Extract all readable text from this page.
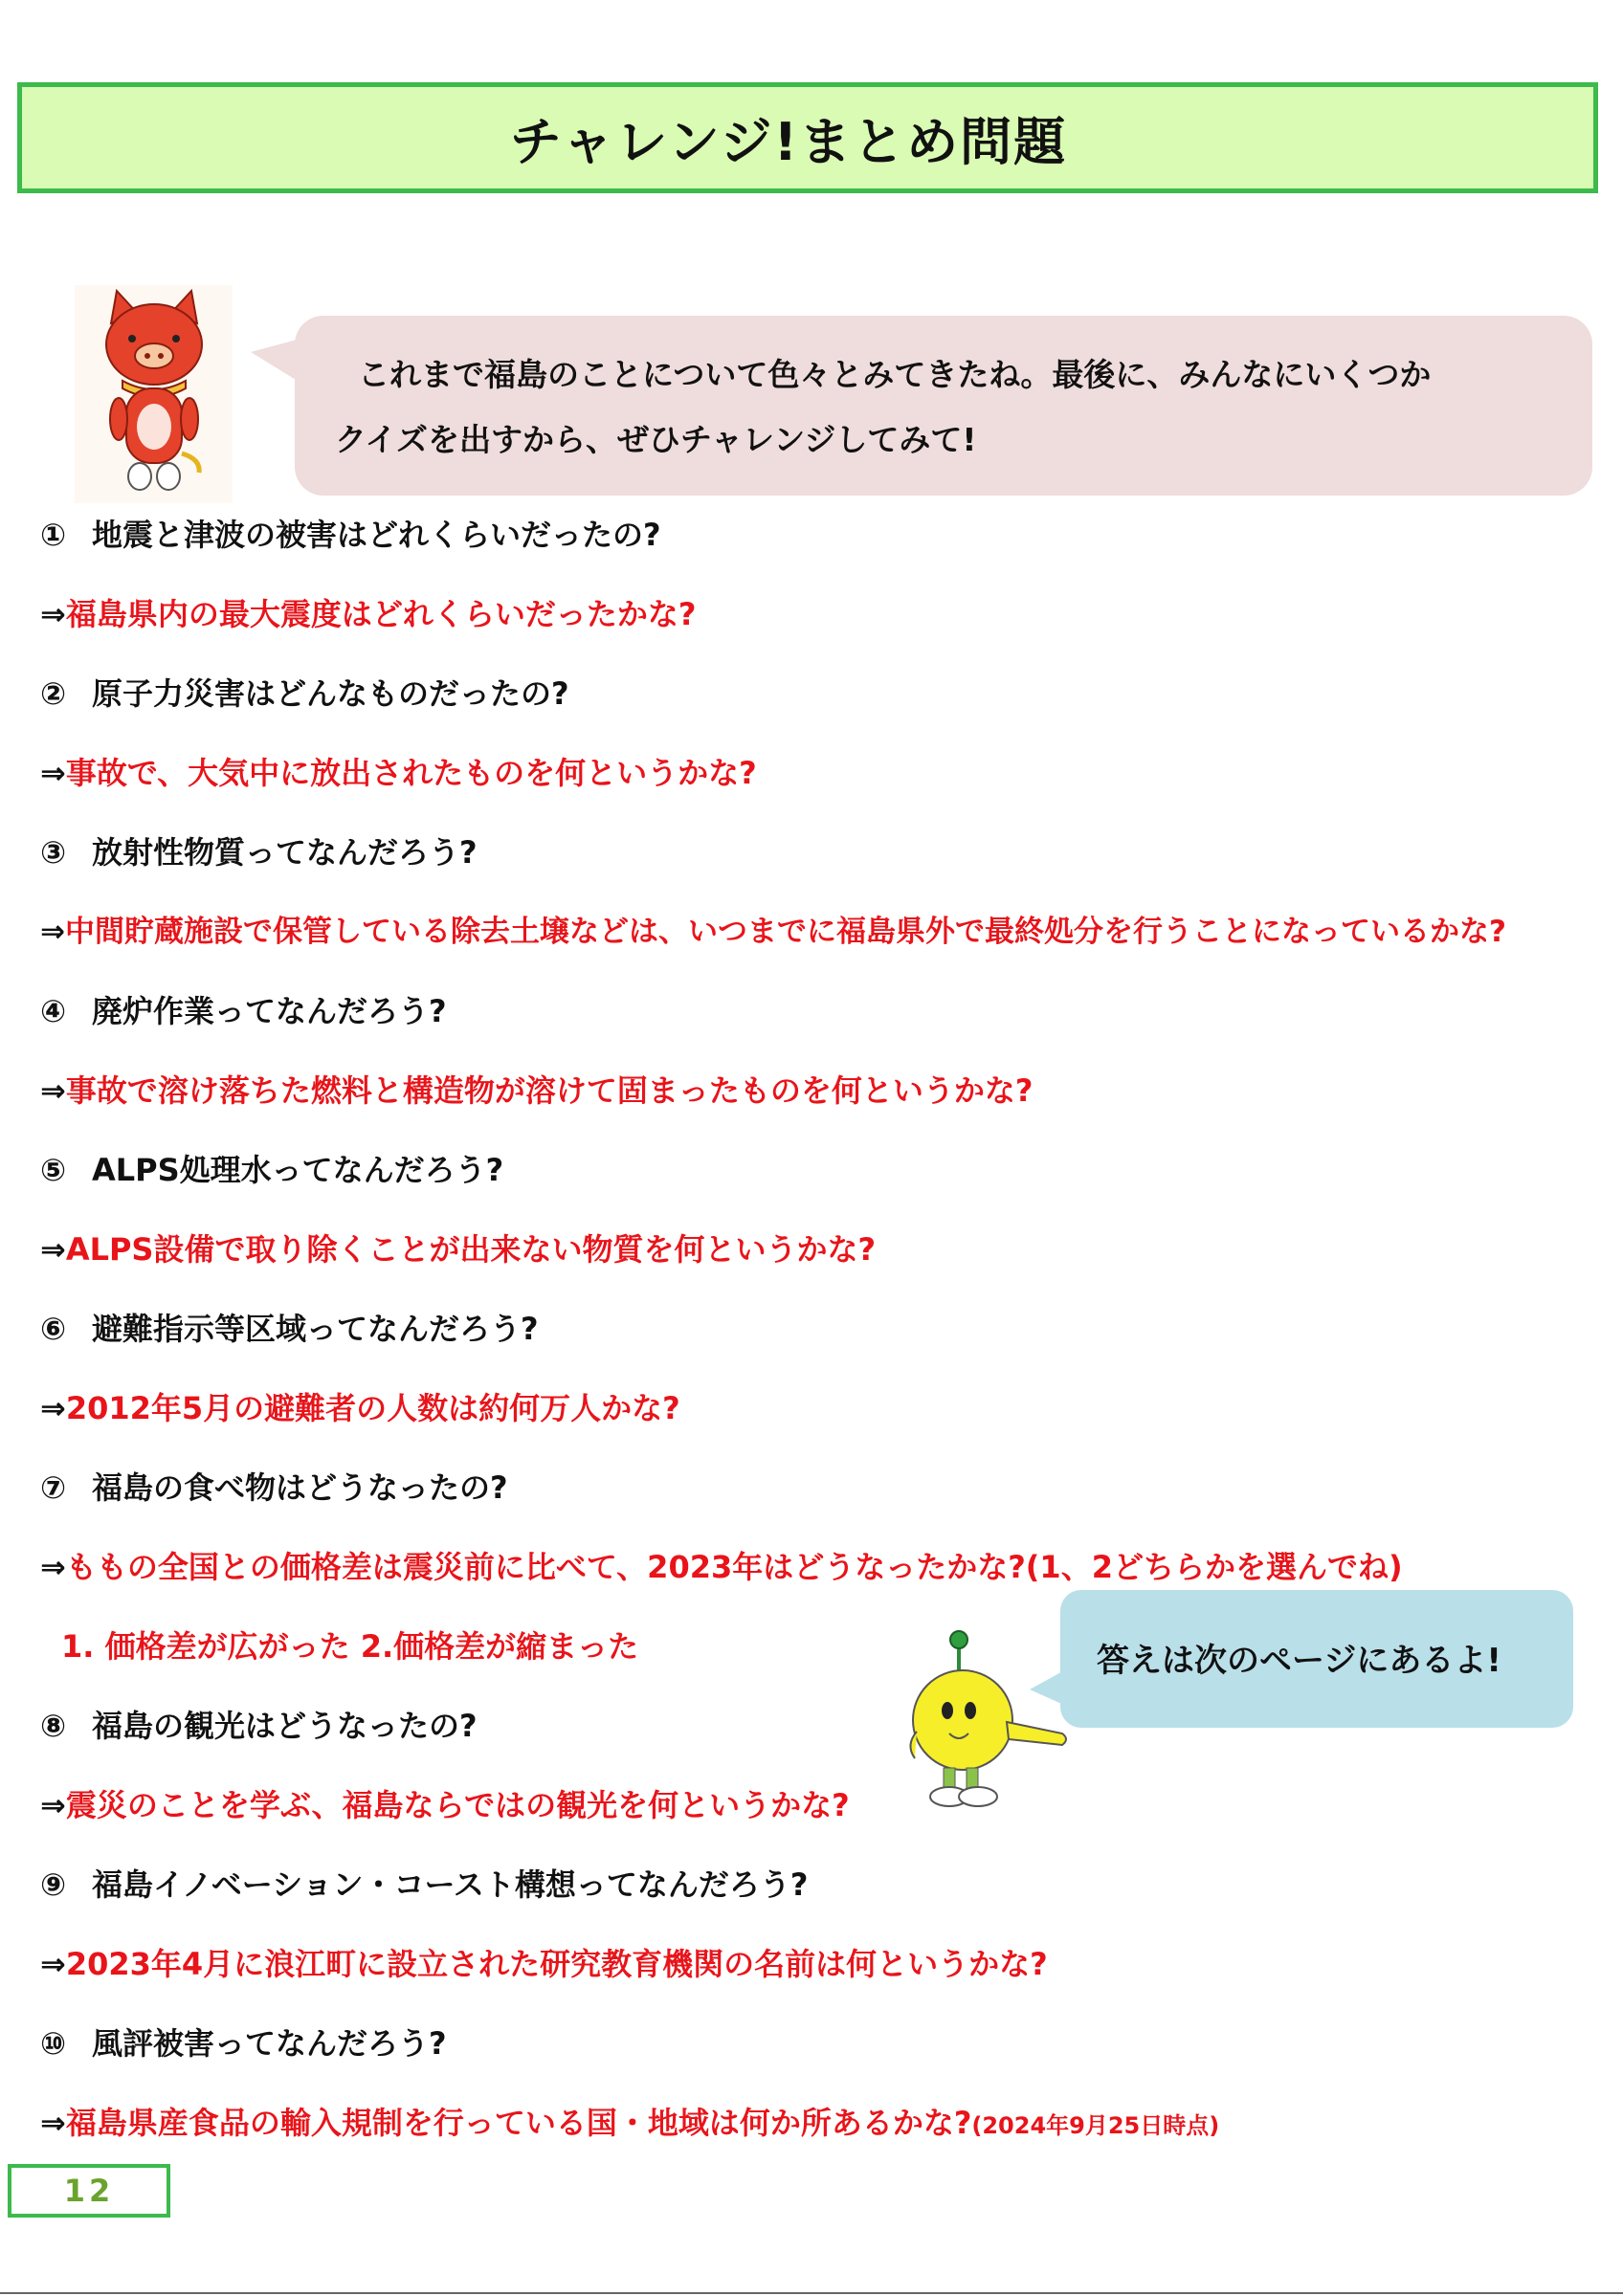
チャレンジ!まとめ問題
これまで福島のことについて色々とみてきたね。最後に、みんなにいくつか
クイズを出すから、ぜひチャレンジしてみて!
① 地震と津波の被害はどれくらいだったの?
⇒福島県内の最大震度はどれくらいだったかな?
② 原子力災害はどんなものだったの?
⇒事故で、大気中に放出されたものを何というかな?
③ 放射性物質ってなんだろう?
⇒中間貯蔵施設で保管している除去土壌などは、いつまでに福島県外で最終処分を行うことになっているかな?
④ 廃炉作業ってなんだろう?
⇒事故で溶け落ちた燃料と構造物が溶けて固まったものを何というかな?
⑤ ALPS処理水ってなんだろう?
⇒ALPS設備で取り除くことが出来ない物質を何というかな?
⑥ 避難指示等区域ってなんだろう?
⇒2012年5月の避難者の人数は約何万人かな?
⑦ 福島の食べ物はどうなったの?
⇒ももの全国との価格差は震災前に比べて、2023年はどうなったかな?(1、2どちらかを選んでね)
1. 価格差が広がった 2.価格差が縮まった
⑧ 福島の観光はどうなったの?
⇒震災のことを学ぶ、福島ならではの観光を何というかな?
⑨ 福島イノベーション・コースト構想ってなんだろう?
⇒2023年4月に浪江町に設立された研究教育機関の名前は何というかな?
⑩ 風評被害ってなんだろう?
⇒福島県産食品の輸入規制を行っている国・地域は何か所あるかな?(2024年9月25日時点)
答えは次のページにあるよ!
12
